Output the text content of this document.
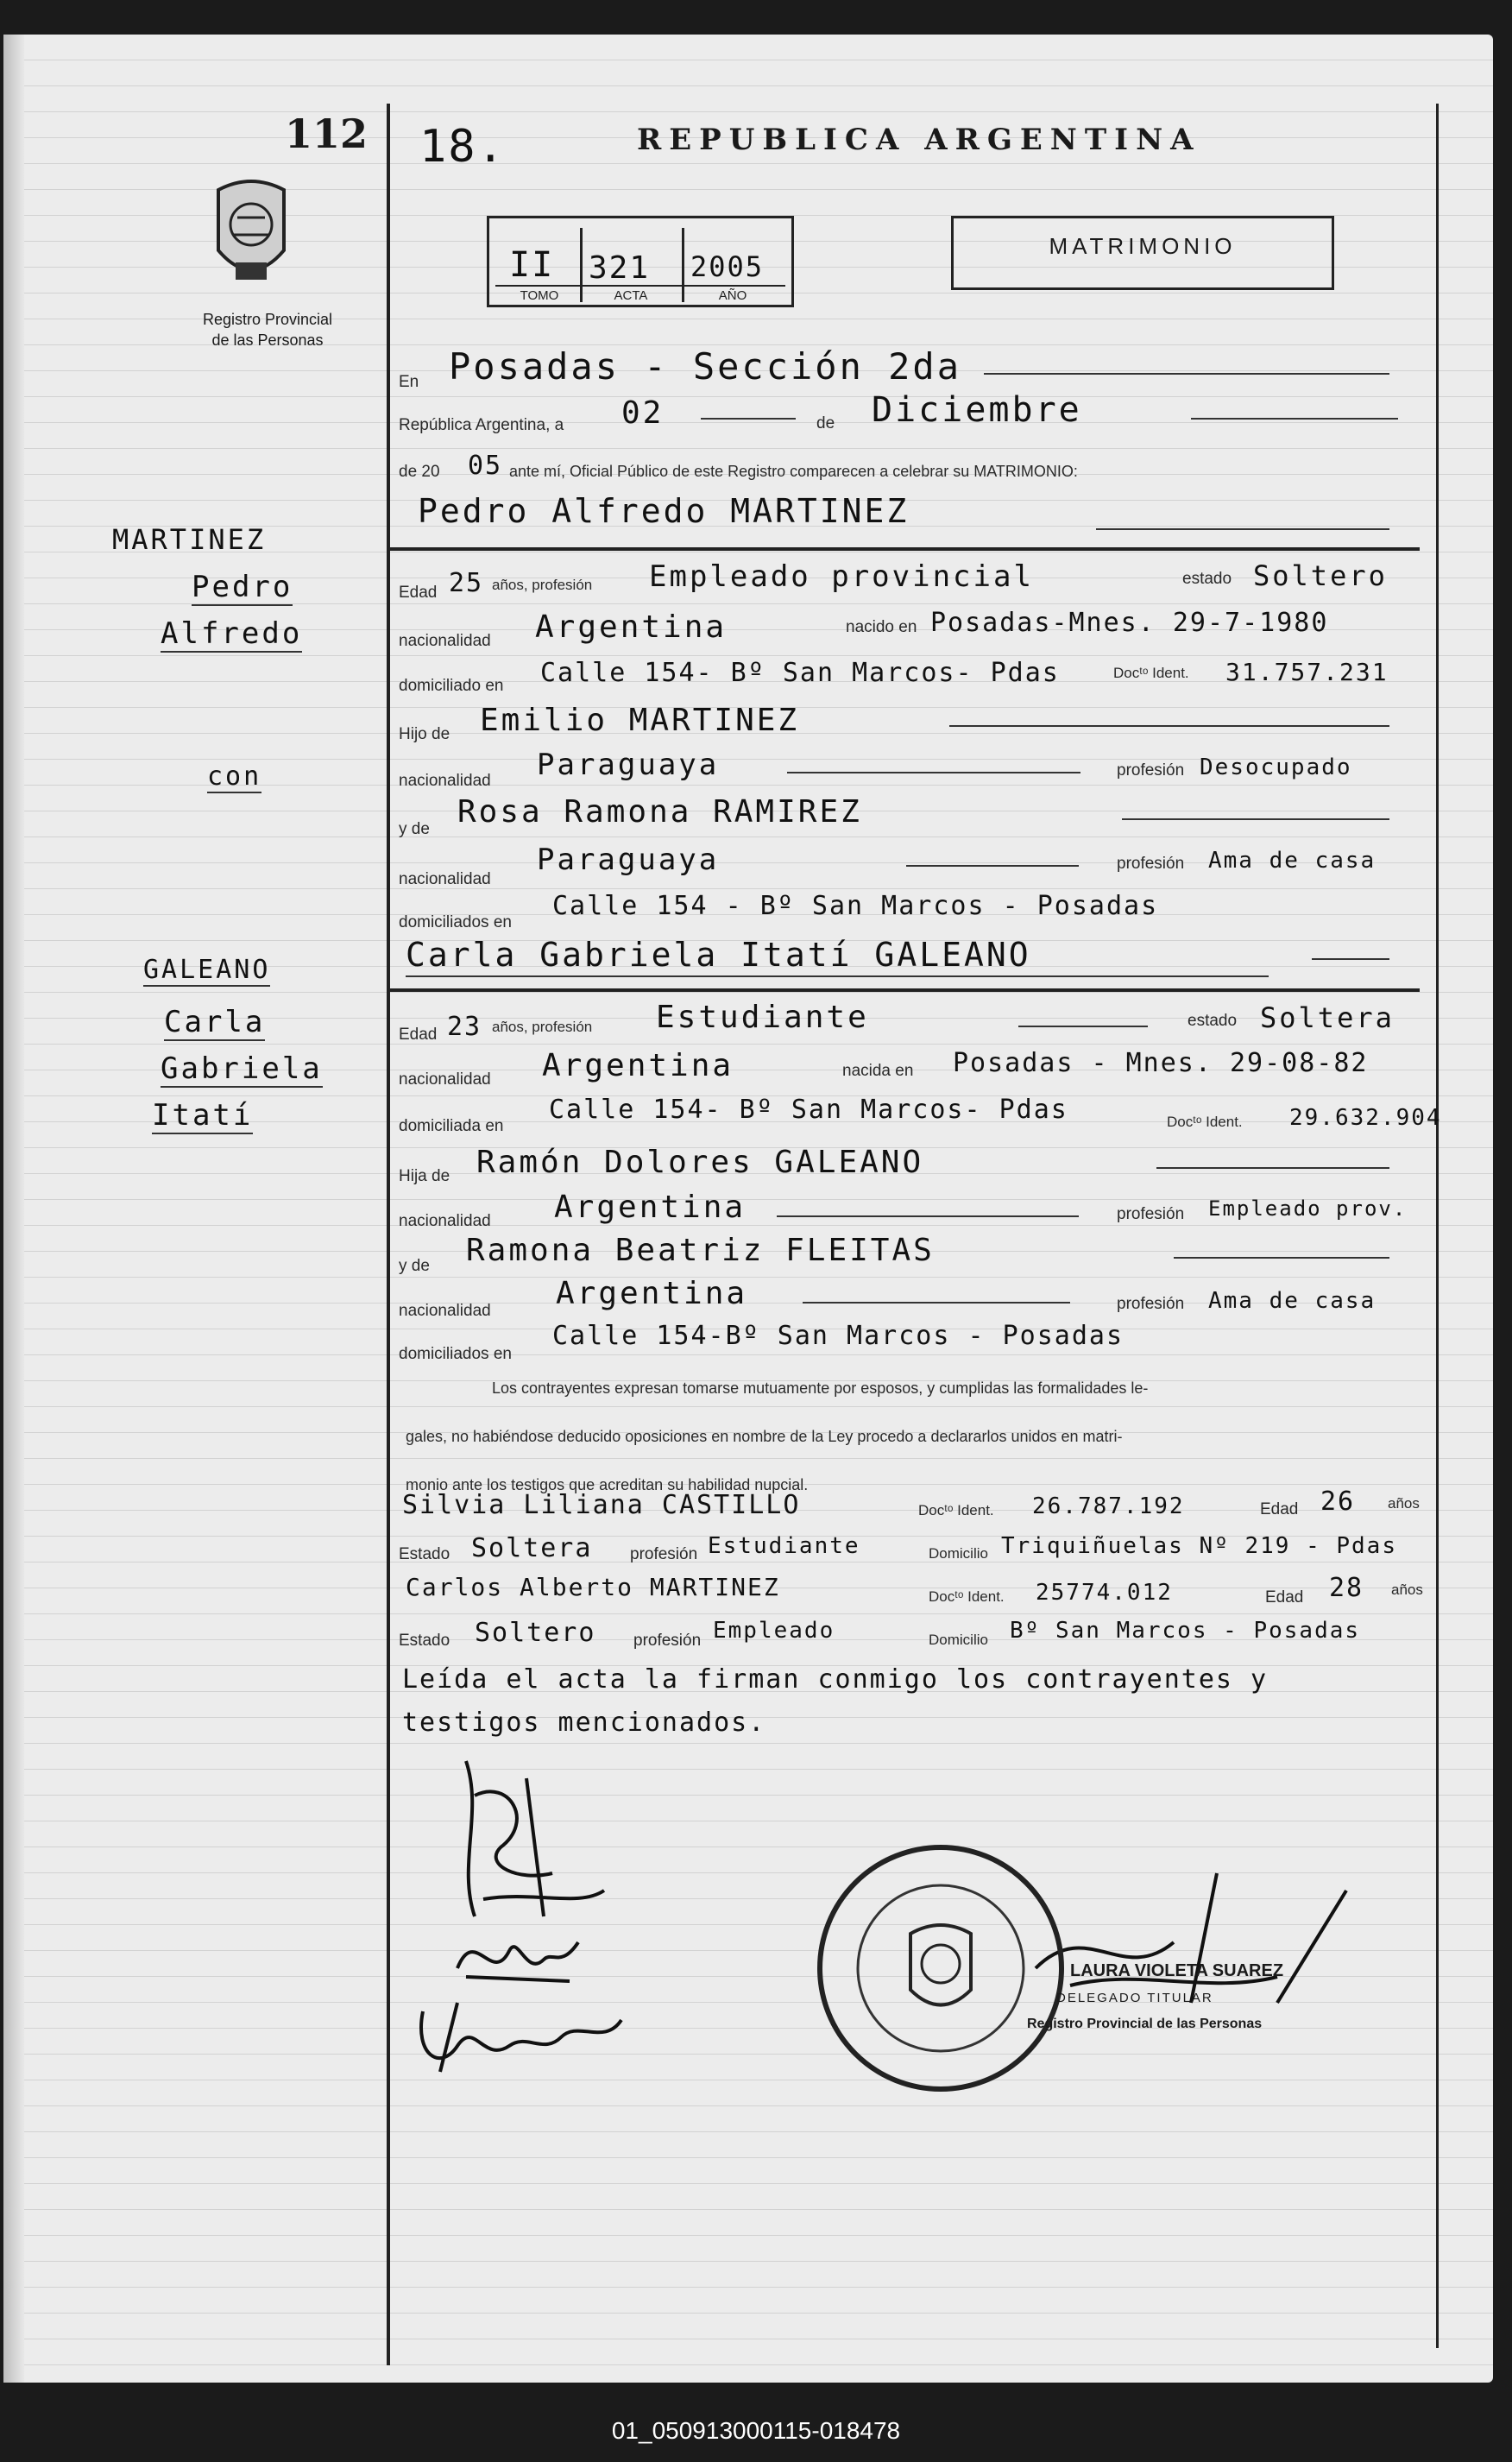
112
Registro Provincial
de las Personas
18.	REPUBLICA ARGENTINA
II 321 2005
TOMO	ACTA	AÑO
MATRIMONIO
En Posadas - Sección 2da
República Argentina, a 02	de Diciembre
de 20 05 ante mí, Oficial Público de este Registro comparecen a celebrar su MATRIMONIO:
Pedro Alfredo MARTINEZ
Edad 25 años, profesión Empleado provincial	estado Soltero
nacionalidad Argentina	nacido en Posadas-Mnes. 29-7-1980
domiciliado en Calle 154- Bº San Marcos- Pdas	Docᵗᵒ Ident. 31.757.231
Hijo de Emilio MARTINEZ
nacionalidad Paraguaya	profesión Desocupado
y de Rosa Ramona RAMIREZ
nacionalidad
Paraguaya	profesión Ama de casa
domiciliados en
Calle 154 - Bº San Marcos - Posadas
Carla Gabriela Itatí GALEANO
Edad 23 años, profesión Estudiante	estado Soltera
nacionalidad Argentina	nacida en Posadas - Mnes. 29-08-82
domiciliada en
Calle 154- Bº San Marcos- Pdas	Docᵗᵒ Ident. 29.632.904
Hija de Ramón Dolores GALEANO
nacionalidad Argentina	profesión Empleado prov.
y de Ramona Beatriz FLEITAS
nacionalidad Argentina	profesión Ama de casa
domiciliados en
Calle 154-Bº San Marcos - Posadas
Los contrayentes expresan tomarse mutuamente por esposos, y cumplidas las formalidades le-
gales, no habiéndose deducido oposiciones en nombre de la Ley procedo a declararlos unidos en matri-
monio ante los testigos que acreditan su habilidad nupcial.
Silvia Liliana CASTILLO	Docᵗᵒ Ident. 26.787.192	Edad 26 años
Estado Soltera profesión Estudiante	Domicilio Triquiñuelas Nº 219 - Pdas
Carlos Alberto MARTINEZ	Docᵗᵒ Ident. 25774.012	Edad 28 años
Estado Soltero profesión Empleado	Domicilio Bº San Marcos - Posadas
Leída el acta la firman conmigo los contrayentes y
testigos mencionados.
MARTINEZ
Pedro
Alfredo
con
GALEANO
Carla
Gabriela
Itatí
LAURA VIOLETA SUAREZ
DELEGADO TITULAR
Registro Provincial de las Personas
01_050913000115-018478
